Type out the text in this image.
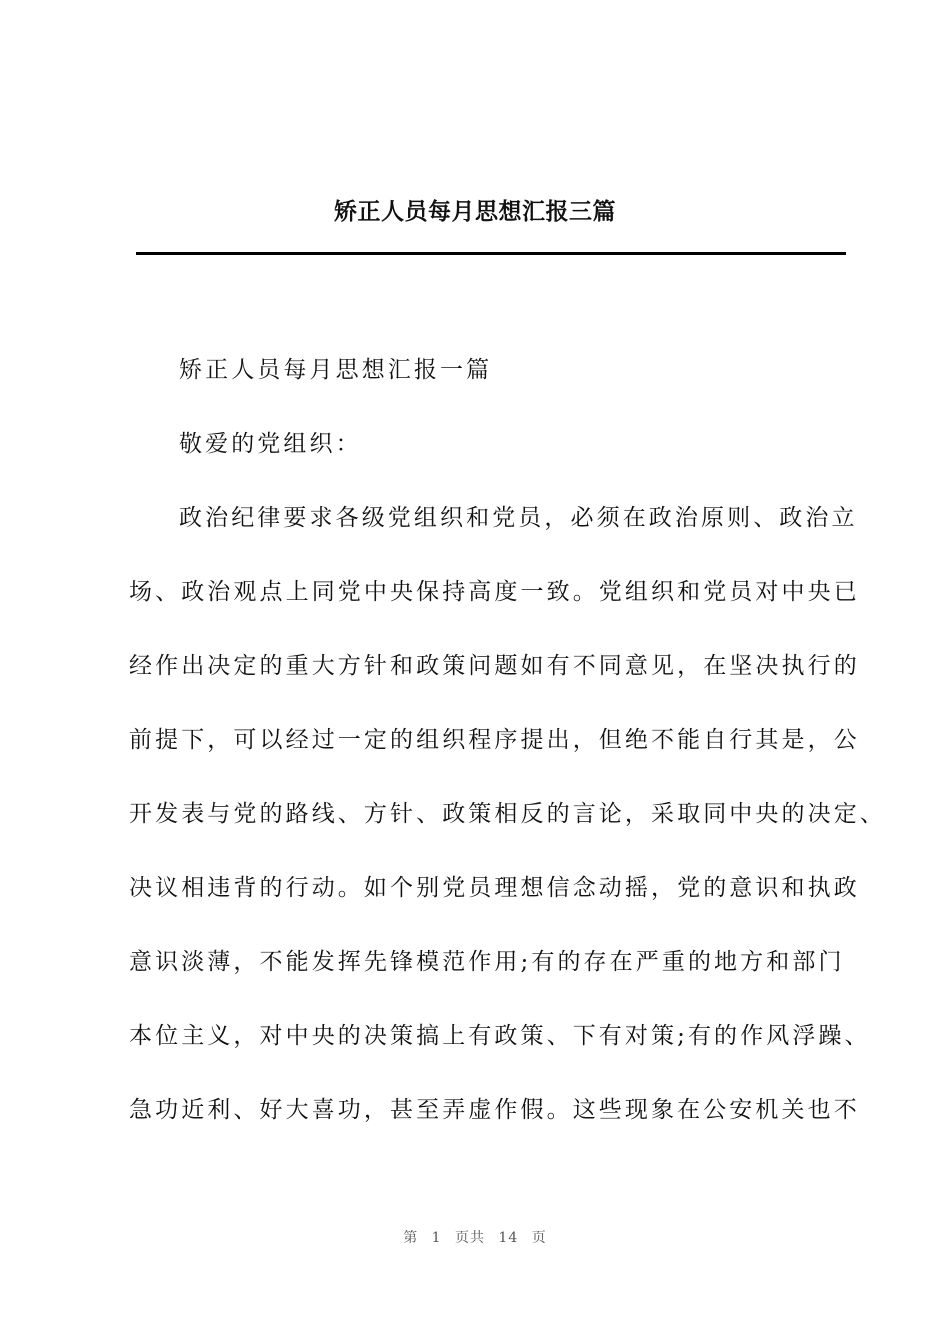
矫正人员每月思想汇报三篇

矫正人员每月思想汇报一篇

敬爱的党组织：

政治纪律要求各级党组织和党员，必须在政治原则、政治立

场、政治观点上同党中央保持高度一致。党组织和党员对中央已

经作出决定的重大方针和政策问题如有不同意见，在坚决执行的

前提下，可以经过一定的组织程序提出，但绝不能自行其是，公

开发表与党的路线、方针、政策相反的言论，采取同中央的决定、

决议相违背的行动。如个别党员理想信念动摇，党的意识和执政

意识淡薄，不能发挥先锋模范作用;有的存在严重的地方和部门

本位主义，对中央的决策搞上有政策、下有对策;有的作风浮躁、

急功近利、好大喜功，甚至弄虚作假。这些现象在公安机关也不

第 1 页共 14 页
